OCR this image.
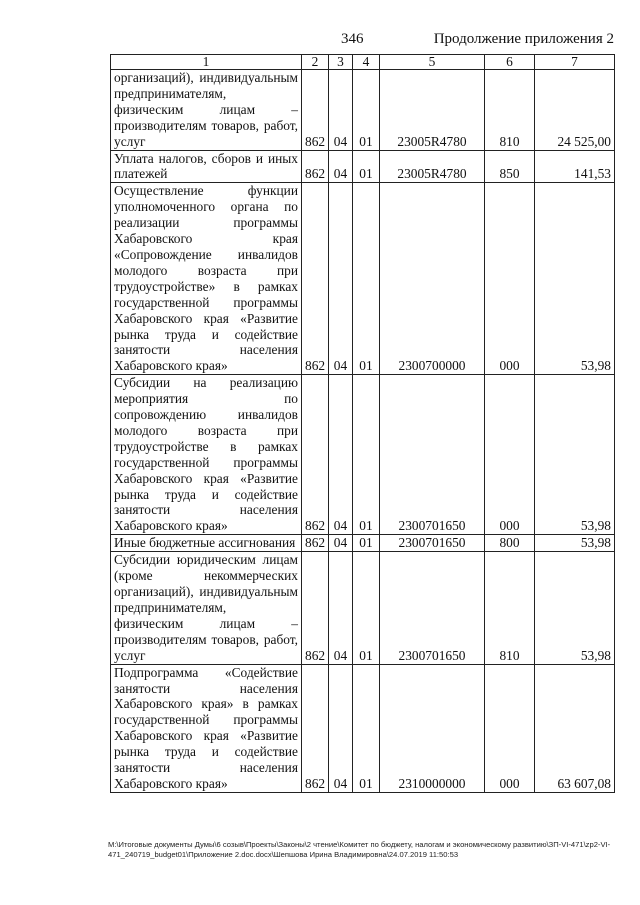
346	Продолжение приложения 2
1	2	3	4	5	6	7
организаций), индивидуальным предпринимателям, физическим лицам – производителям товаров, работ, услуг	862	04	01	23005R4780	810	24 525,00
Уплата налогов, сборов и иных платежей	862	04	01	23005R4780	850	141,53
Осуществление функции уполномоченного органа по реализации программы Хабаровского края «Сопровождение инвалидов молодого возраста при трудоустройстве» в рамках государственной программы Хабаровского края «Развитие рынка труда и содействие занятости населения Хабаровского края»	862	04	01	2300700000	000	53,98
Субсидии на реализацию мероприятия по сопровождению инвалидов молодого возраста при трудоустройстве в рамках государственной программы Хабаровского края «Развитие рынка труда и содействие занятости населения Хабаровского края»	862	04	01	2300701650	000	53,98
Иные бюджетные ассигнования	862	04	01	2300701650	800	53,98
Субсидии юридическим лицам (кроме некоммерческих организаций), индивидуальным предпринимателям, физическим лицам – производителям товаров, работ, услуг	862	04	01	2300701650	810	53,98
Подпрограмма «Содействие занятости населения Хабаровского края» в рамках государственной программы Хабаровского края «Развитие рынка труда и содействие занятости населения Хабаровского края»	862	04	01	2310000000	000	63 607,08
М:\Итоговые документы Думы\6 созыв\Проекты\Законы\2 чтение\Комитет по бюджету, налогам и экономическому развитию\ЗП-VI-471\zp2-VI-471_240719_budget01\Приложение 2.doc.docx\Шепшова Ирина Владимировна\24.07.2019 11:50:53
